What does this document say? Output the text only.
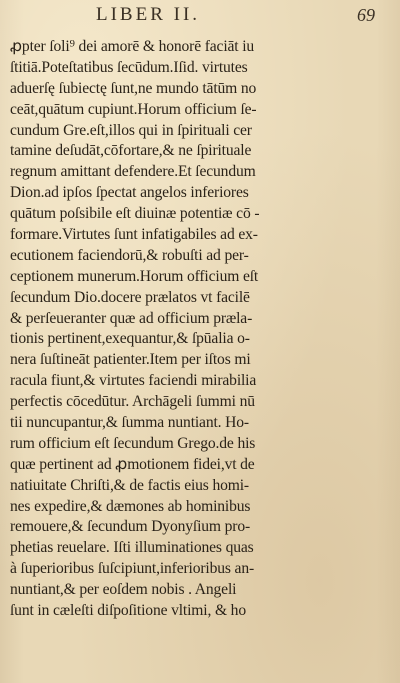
LIBER II.	69
ꝓpter ſoli⁹ dei amorē & honorē faciāt iu
ſtitiā.Poteſtatibus ſecūdum.Iſid. virtutes
aduerſę ſubiectę ſunt,ne mundo tātūm no
ceāt,quātum cupiunt.Horum officium ſe-
cundum Gre.eſt,illos qui in ſpirituali cer
tamine deſudāt,cōfortare,& ne ſpirituale
regnum amittant defendere.Et ſecundum
Dion.ad ipſos ſpectat angelos inferiores
quātum poſsibile eſt diuinæ potentiæ cō -
formare.Virtutes ſunt infatigabiles ad ex-
ecutionem faciendorū,& robuſti ad per-
ceptionem munerum.Horum officium eſt
ſecundum Dio.docere prælatos vt facilē
& perſeueranter quæ ad officium præla-
tionis pertinent,exequantur,& ſpūalia o-
nera ſuſtineāt patienter.Item per iſtos mi
racula fiunt,& virtutes faciendi mirabilia
perfectis cōcedūtur. Archāgeli ſummi nū
tii nuncupantur,& ſumma nuntiant. Ho-
rum officium eſt ſecundum Grego.de his
quæ pertinent ad ꝓmotionem fidei,vt de
natiuitate Chriſti,& de factis eius homi-
nes expedire,& dæmones ab hominibus
remouere,& ſecundum Dyonyſium pro-
phetias reuelare. Iſti illuminationes quas
à ſuperioribus ſuſcipiunt,inferioribus an-
nuntiant,& per eoſdem nobis . Angeli
ſunt in cæleſti diſpoſitione vltimi, & ho
